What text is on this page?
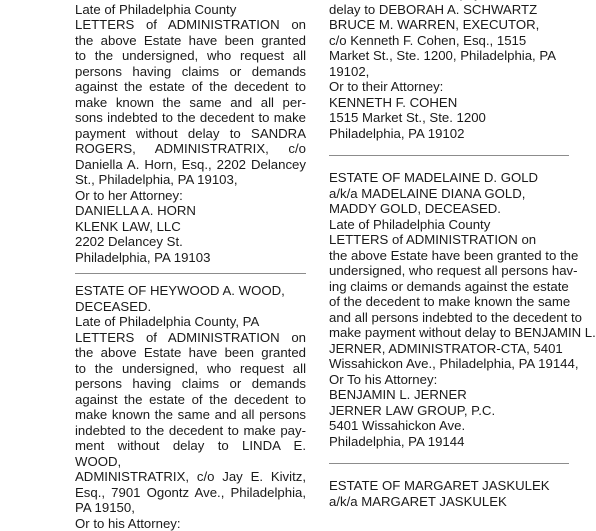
Late of Philadelphia County
LETTERS of ADMINISTRATION on
the above Estate have been granted
to the undersigned, who request all
persons having claims or demands
against the estate of the decedent to
make known the same and all per-
sons indebted to the decedent to make
payment without delay to SANDRA
ROGERS, ADMINISTRATRIX, c/o
Daniella A. Horn, Esq., 2202 Delancey
St., Philadelphia, PA 19103,
Or to her Attorney:
DANIELLA A. HORN
KLENK LAW, LLC
2202 Delancey St.
Philadelphia, PA 19103
ESTATE OF HEYWOOD A. WOOD,
DECEASED.
Late of Philadelphia County, PA
LETTERS of ADMINISTRATION on
the above Estate have been granted
to the undersigned, who request all
persons having claims or demands
against the estate of the decedent to
make known the same and all persons
indebted to the decedent to make pay-
ment without delay to LINDA E. WOOD,
ADMINISTRATRIX, c/o Jay E. Kivitz,
Esq., 7901 Ogontz Ave., Philadelphia,
PA 19150,
Or to his Attorney:
delay to DEBORAH A. SCHWARTZ
BRUCE M. WARREN, EXECUTOR,
c/o Kenneth F. Cohen, Esq., 1515
Market St., Ste. 1200, Philadelphia, PA
19102,
Or to their Attorney:
KENNETH F. COHEN
1515 Market St., Ste. 1200
Philadelphia, PA 19102
ESTATE OF MADELAINE D. GOLD
a/k/a MADELAINE DIANA GOLD,
MADDY GOLD, DECEASED.
Late of Philadelphia County
LETTERS of ADMINISTRATION on
the above Estate have been granted to the
undersigned, who request all persons hav-
ing claims or demands against the estate
of the decedent to make known the same
and all persons indebted to the decedent to
make payment without delay to BENJAMIN L.
JERNER, ADMINISTRATOR-CTA, 5401
Wissahickon Ave., Philadelphia, PA 19144,
Or To his Attorney:
BENJAMIN L. JERNER
JERNER LAW GROUP, P.C.
5401 Wissahickon Ave.
Philadelphia, PA 19144
ESTATE OF MARGARET JASKULEK
a/k/a MARGARET JASKULEK
